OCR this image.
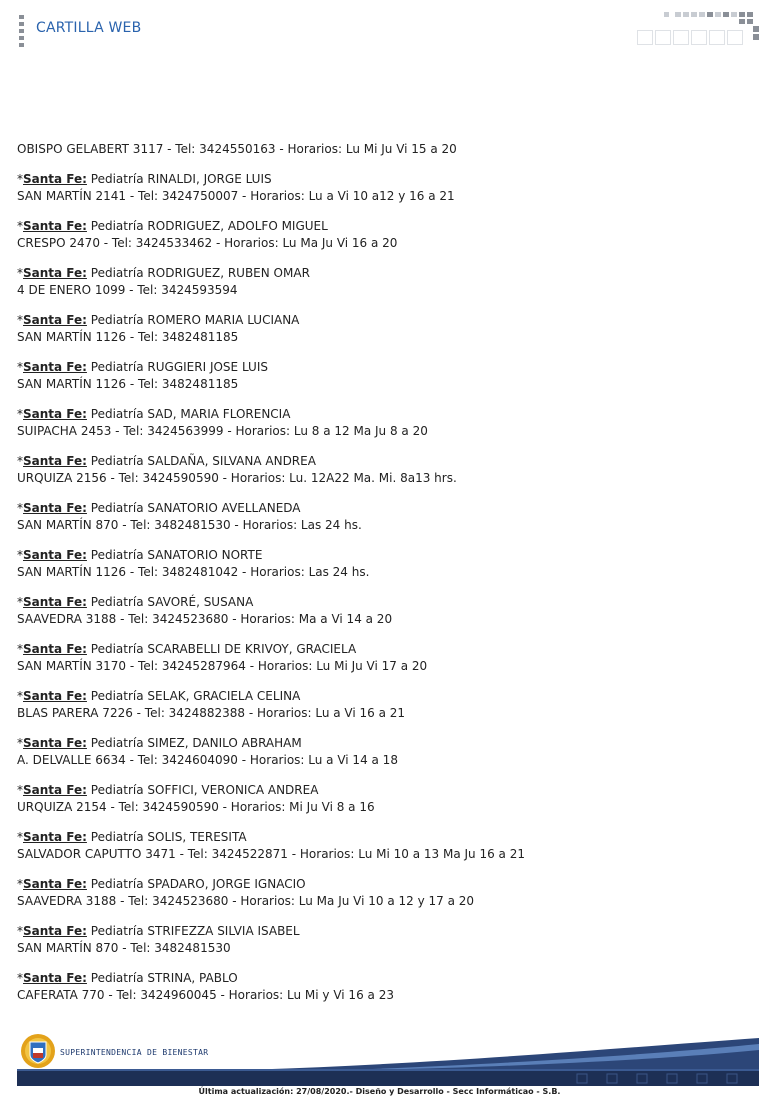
CARTILLA WEB

OBISPO GELABERT 3117 - Tel: 3424550163 - Horarios: Lu Mi Ju Vi 15 a 20

*Santa Fe: Pediatría RINALDI, JORGE LUIS

SAN MARTÍN 2141 - Tel: 3424750007 - Horarios: Lu a Vi 10 a12 y 16 a 21

*Santa Fe: Pediatría RODRIGUEZ, ADOLFO MIGUEL

CRESPO 2470 - Tel: 3424533462 - Horarios: Lu Ma Ju Vi 16 a 20

*Santa Fe: Pediatría RODRIGUEZ, RUBEN OMAR

4 DE ENERO 1099 - Tel: 3424593594

*Santa Fe: Pediatría ROMERO MARIA LUCIANA

SAN MARTÍN 1126 - Tel: 3482481185

*Santa Fe: Pediatría RUGGIERI JOSE LUIS

SAN MARTÍN 1126 - Tel: 3482481185

*Santa Fe: Pediatría SAD, MARIA FLORENCIA

SUIPACHA 2453 - Tel: 3424563999 - Horarios: Lu 8 a 12 Ma Ju 8 a 20

*Santa Fe: Pediatría SALDAÑA, SILVANA ANDREA

URQUIZA 2156 - Tel: 3424590590 - Horarios: Lu. 12A22 Ma. Mi. 8a13 hrs.

*Santa Fe: Pediatría SANATORIO AVELLANEDA

SAN MARTÍN 870 - Tel: 3482481530 - Horarios: Las 24 hs.

*Santa Fe: Pediatría SANATORIO NORTE

SAN MARTÍN 1126 - Tel: 3482481042 - Horarios: Las 24 hs.

*Santa Fe: Pediatría SAVORÉ, SUSANA

SAAVEDRA 3188 - Tel: 3424523680 - Horarios: Ma a Vi 14 a 20

*Santa Fe: Pediatría SCARABELLI DE KRIVOY, GRACIELA

SAN MARTÍN 3170 - Tel: 34245287964 - Horarios: Lu Mi Ju Vi 17 a 20

*Santa Fe: Pediatría SELAK, GRACIELA CELINA

BLAS PARERA 7226 - Tel: 3424882388 - Horarios: Lu a Vi 16 a 21

*Santa Fe: Pediatría SIMEZ, DANILO ABRAHAM

A. DELVALLE 6634 - Tel: 3424604090 - Horarios: Lu a Vi 14 a 18

*Santa Fe: Pediatría SOFFICI, VERONICA ANDREA

URQUIZA 2154 - Tel: 3424590590 - Horarios: Mi Ju Vi 8 a 16

*Santa Fe: Pediatría SOLIS, TERESITA

SALVADOR CAPUTTO 3471 - Tel: 3424522871 - Horarios: Lu Mi 10 a 13 Ma Ju 16 a 21

*Santa Fe: Pediatría SPADARO, JORGE IGNACIO

SAAVEDRA 3188 - Tel: 3424523680 - Horarios: Lu Ma Ju Vi 10 a 12 y 17 a 20

*Santa Fe: Pediatría STRIFEZZA SILVIA ISABEL

SAN MARTÍN 870 - Tel: 3482481530

*Santa Fe: Pediatría STRINA, PABLO

CAFERATA 770 - Tel: 3424960045 - Horarios: Lu Mi y Vi 16 a 23

SUPERINTENDENCIA DE BIENESTAR
Última actualización: 27/08/2020.- Diseño y Desarrollo - Secc Informáticao - S.B.
